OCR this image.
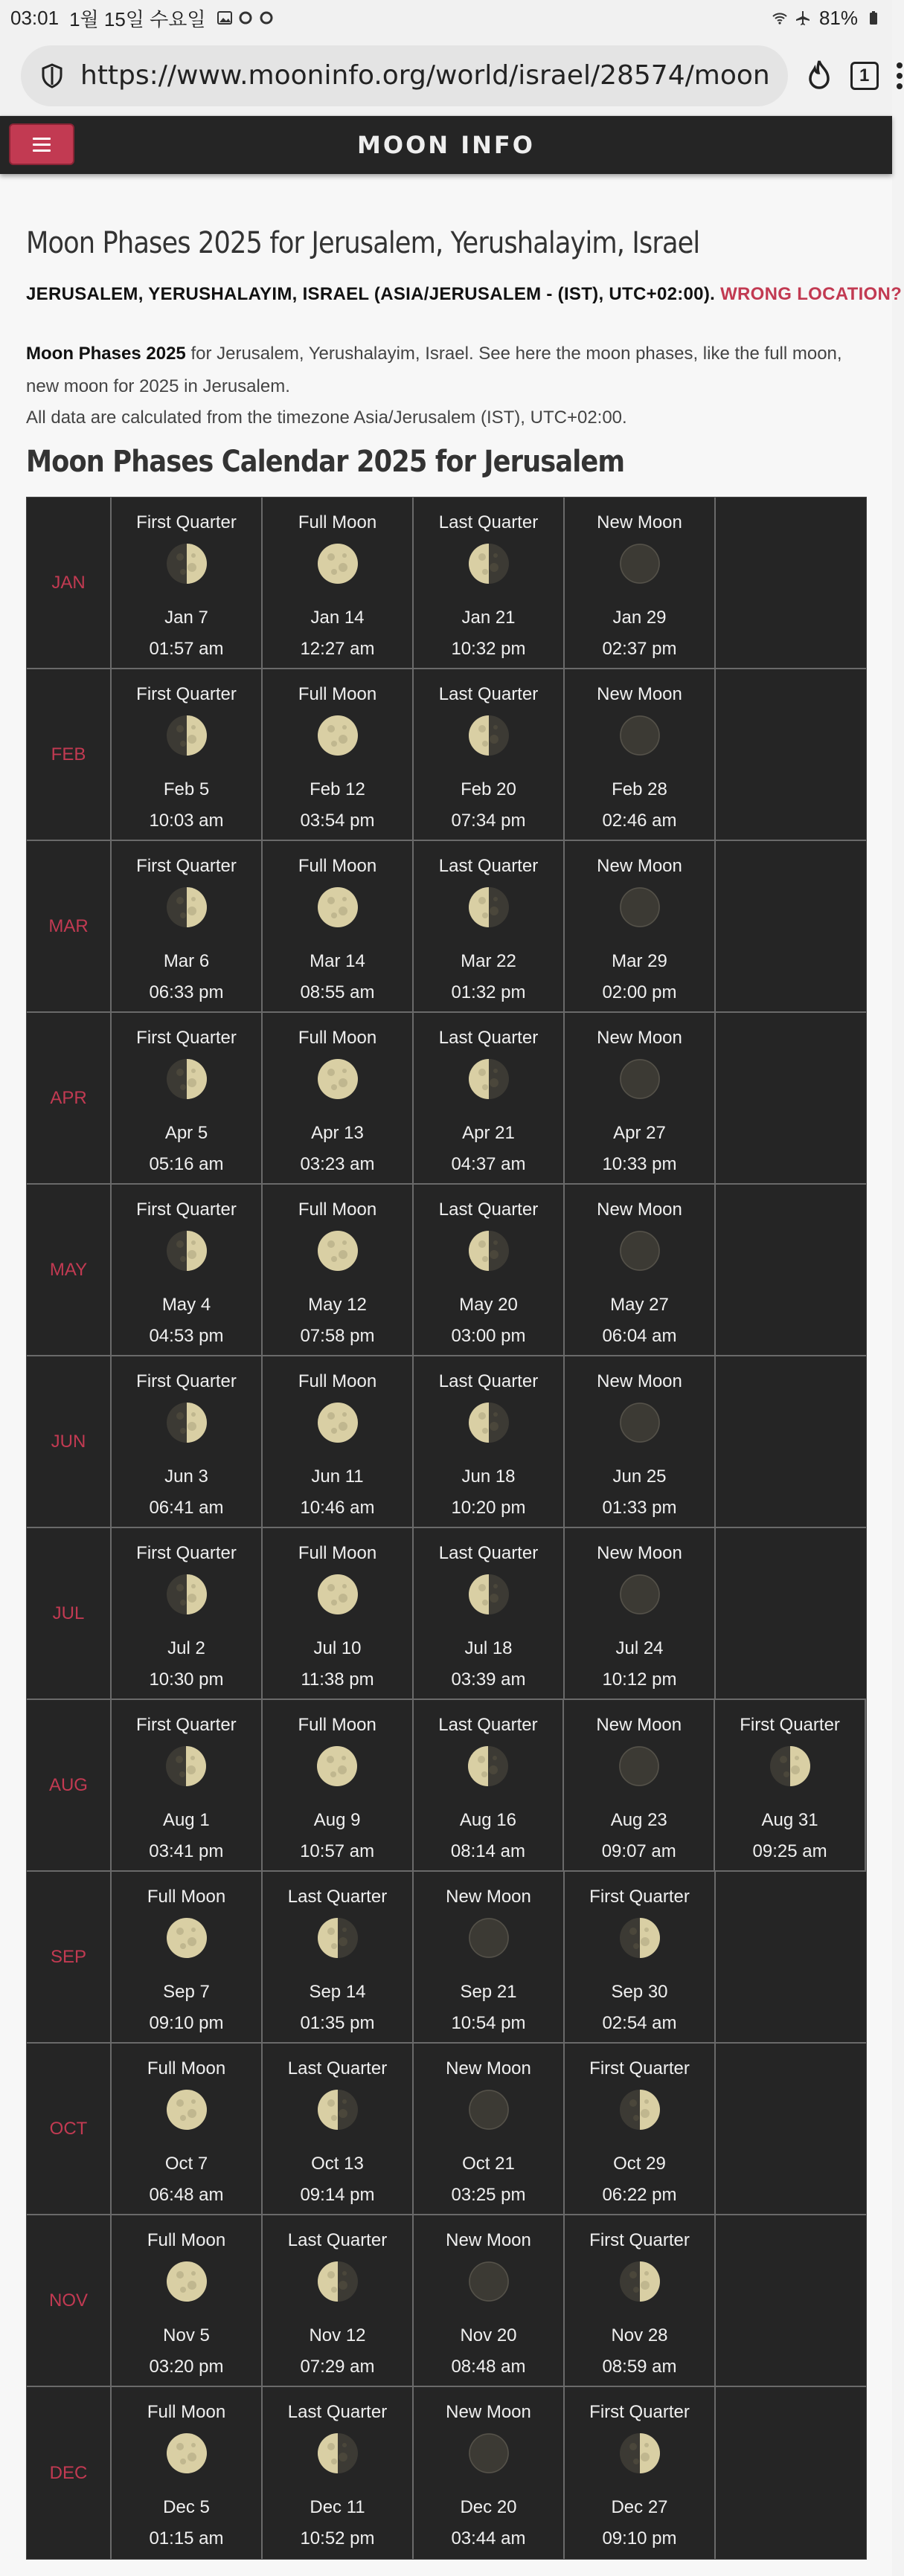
03:01 1월 15일 수요일	81%
https://www.mooninfo.org/world/israel/28574/moon	1
MOON INFO
Moon Phases 2025 for Jerusalem, Yerushalayim, Israel
JERUSALEM, YERUSHALAYIM, ISRAEL (ASIA/JERUSALEM - (IST), UTC+02:00). WRONG LOCATION?

Moon Phases 2025 for Jerusalem, Yerushalayim, Israel. See here the moon phases, like the full moon, new moon for 2025 in Jerusalem.

All data are calculated from the timezone Asia/Jerusalem (IST), UTC+02:00.

Moon Phases Calendar 2025 for Jerusalem
JAN
First Quarter
Jan 7
01:57 am
Full Moon
Jan 14
12:27 am
Last Quarter
Jan 21
10:32 pm
New Moon
Jan 29
02:37 pm
FEB
First Quarter
Feb 5
10:03 am
Full Moon
Feb 12
03:54 pm
Last Quarter
Feb 20
07:34 pm
New Moon
Feb 28
02:46 am
MAR
First Quarter
Mar 6
06:33 pm
Full Moon
Mar 14
08:55 am
Last Quarter
Mar 22
01:32 pm
New Moon
Mar 29
02:00 pm
APR
First Quarter
Apr 5
05:16 am
Full Moon
Apr 13
03:23 am
Last Quarter
Apr 21
04:37 am
New Moon
Apr 27
10:33 pm
MAY
First Quarter
May 4
04:53 pm
Full Moon
May 12
07:58 pm
Last Quarter
May 20
03:00 pm
New Moon
May 27
06:04 am
JUN
First Quarter
Jun 3
06:41 am
Full Moon
Jun 11
10:46 am
Last Quarter
Jun 18
10:20 pm
New Moon
Jun 25
01:33 pm
JUL
First Quarter
Jul 2
10:30 pm
Full Moon
Jul 10
11:38 pm
Last Quarter
Jul 18
03:39 am
New Moon
Jul 24
10:12 pm
AUG
First Quarter
Aug 1
03:41 pm
Full Moon
Aug 9
10:57 am
Last Quarter
Aug 16
08:14 am
New Moon
Aug 23
09:07 am
First Quarter
Aug 31
09:25 am
SEP
Full Moon
Sep 7
09:10 pm
Last Quarter
Sep 14
01:35 pm
New Moon
Sep 21
10:54 pm
First Quarter
Sep 30
02:54 am
OCT
Full Moon
Oct 7
06:48 am
Last Quarter
Oct 13
09:14 pm
New Moon
Oct 21
03:25 pm
First Quarter
Oct 29
06:22 pm
NOV
Full Moon
Nov 5
03:20 pm
Last Quarter
Nov 12
07:29 am
New Moon
Nov 20
08:48 am
First Quarter
Nov 28
08:59 am
DEC
Full Moon
Dec 5
01:15 am
Last Quarter
Dec 11
10:52 pm
New Moon
Dec 20
03:44 am
First Quarter
Dec 27
09:10 pm
